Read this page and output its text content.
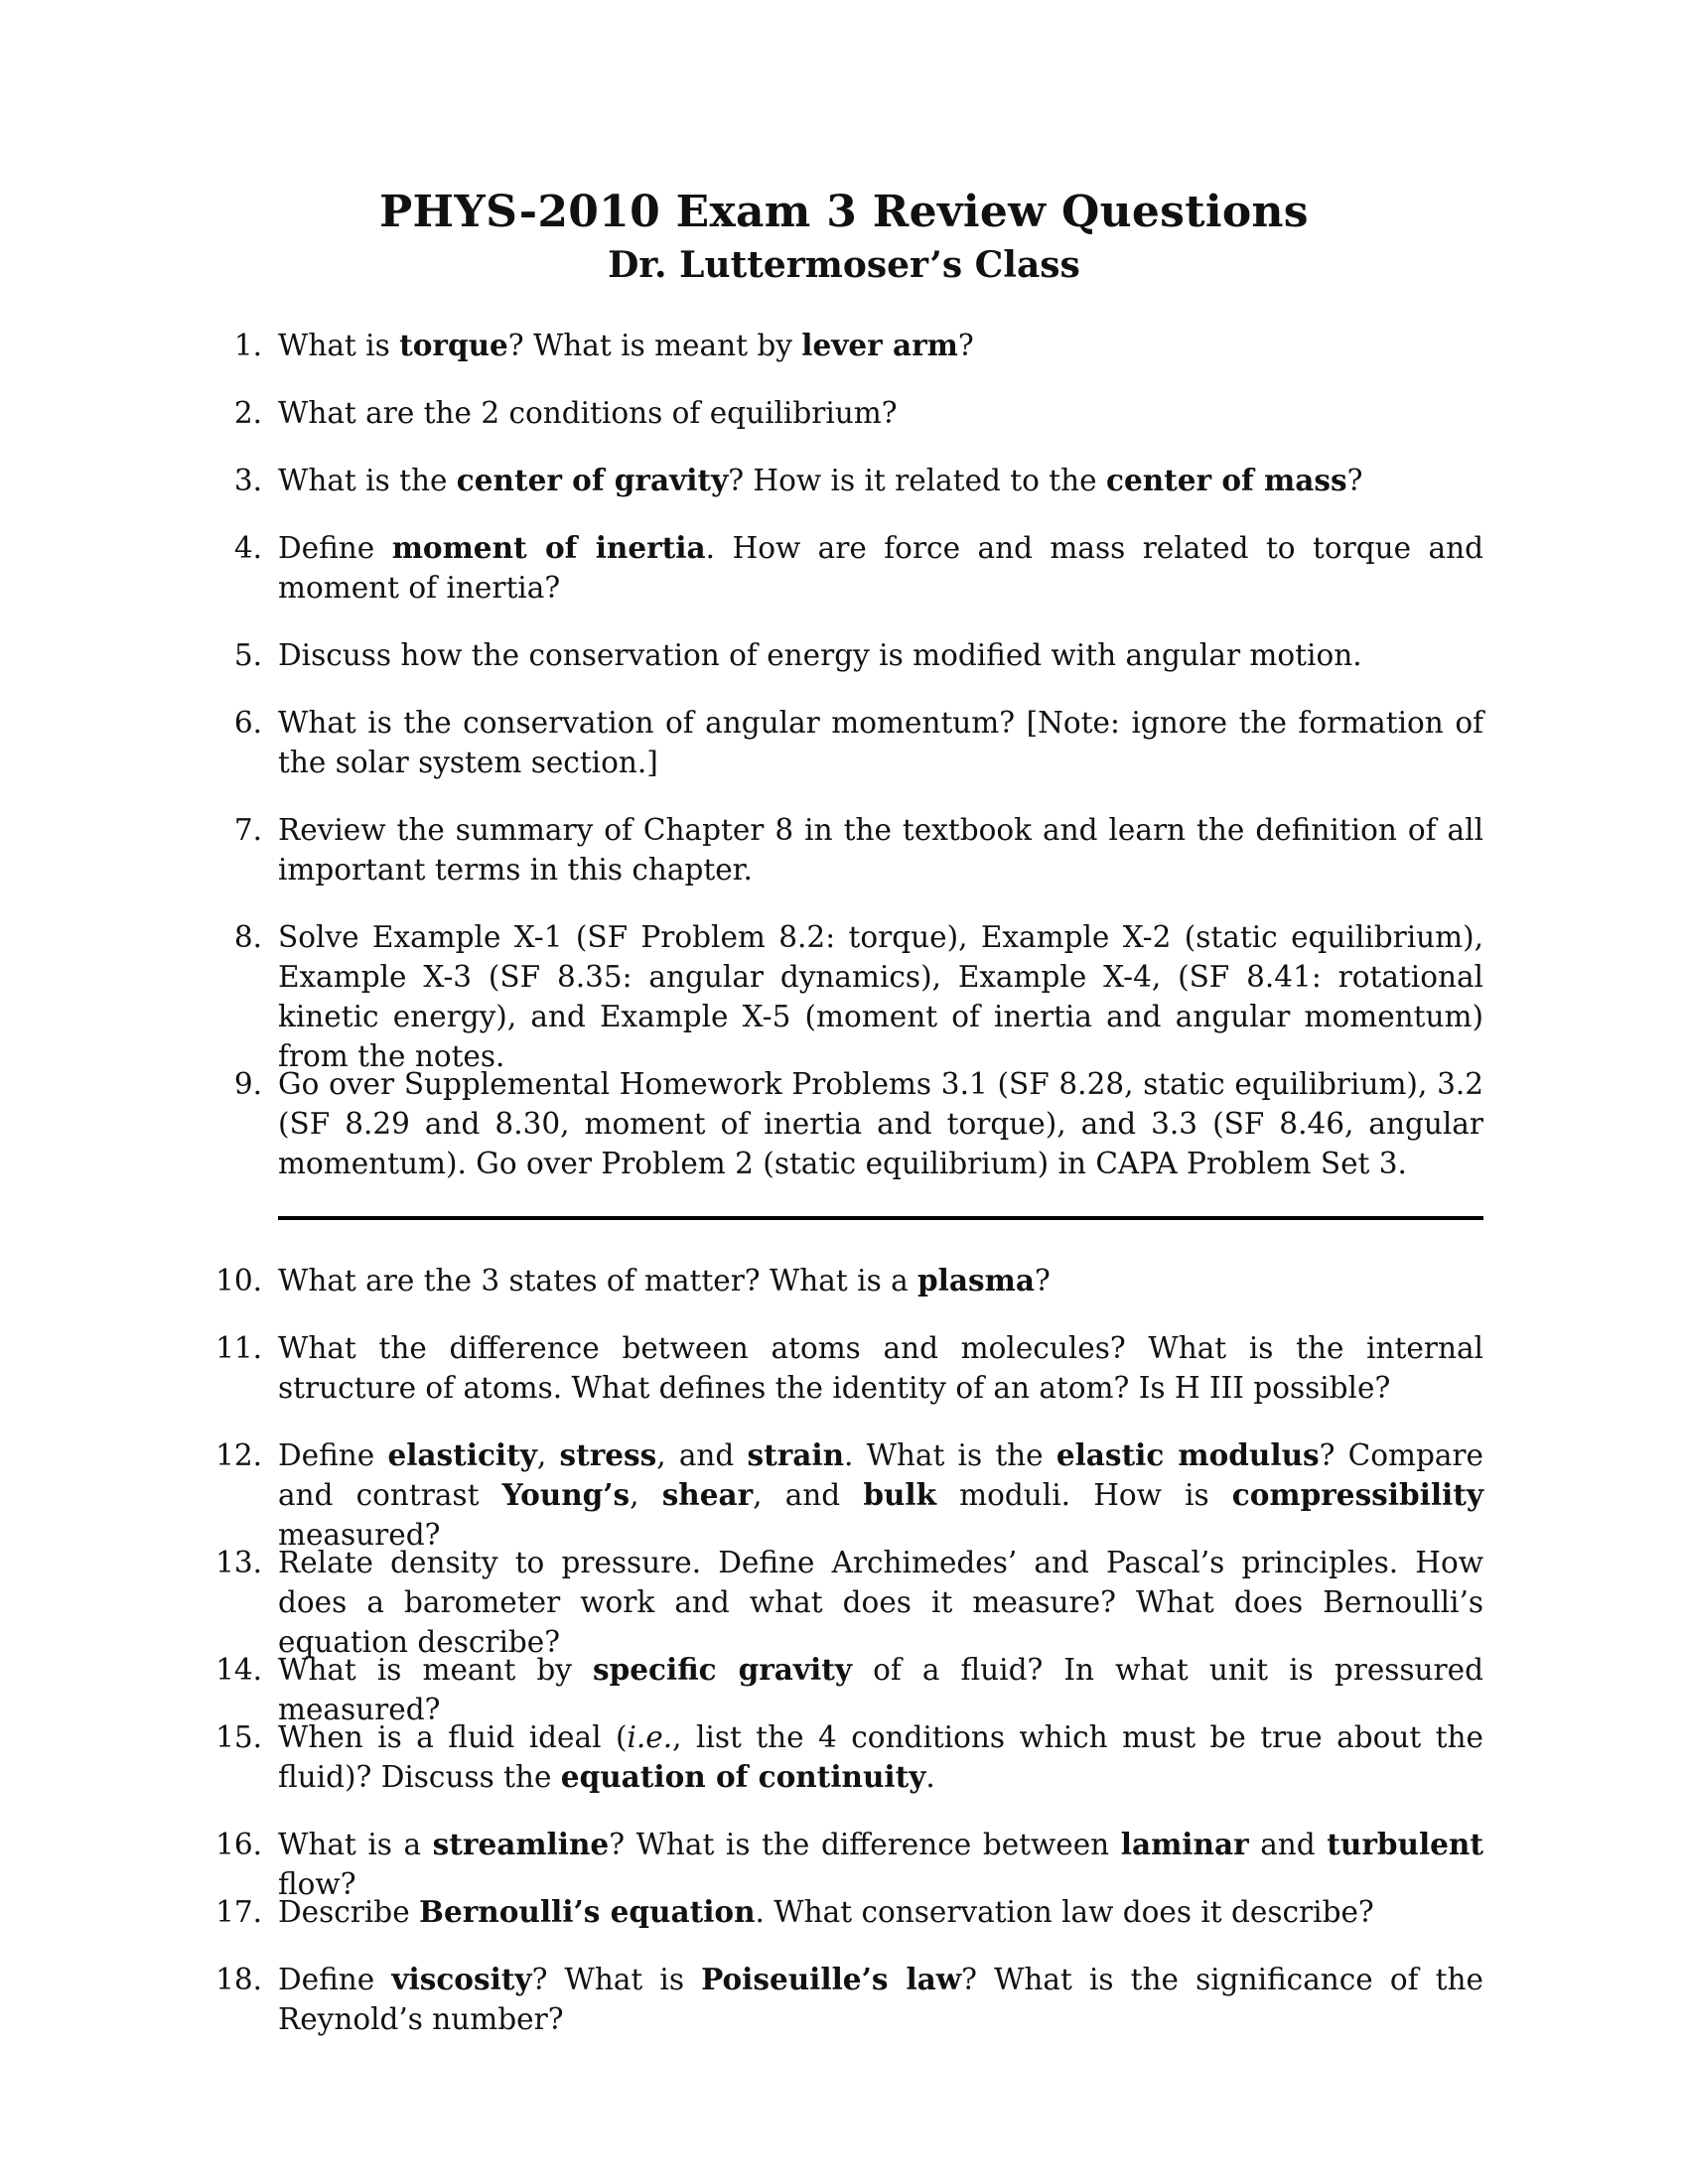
PHYS-2010 Exam 3 Review Questions
Dr. Luttermoser’s Class
1. What is torque? What is meant by lever arm?
2. What are the 2 conditions of equilibrium?
3. What is the center of gravity? How is it related to the center of mass?
4. Define moment of inertia. How are force and mass related to torque and moment of inertia?
5. Discuss how the conservation of energy is modified with angular motion.
6. What is the conservation of angular momentum? [Note: ignore the formation of the solar system section.]
7. Review the summary of Chapter 8 in the textbook and learn the definition of all important terms in this chapter.
8. Solve Example X-1 (SF Problem 8.2: torque), Example X-2 (static equilibrium), Example X-3 (SF 8.35: angular dynamics), Example X-4, (SF 8.41: rotational kinetic energy), and Example X-5 (moment of inertia and angular momentum) from the notes.
9. Go over Supplemental Homework Problems 3.1 (SF 8.28, static equilibrium), 3.2 (SF 8.29 and 8.30, moment of inertia and torque), and 3.3 (SF 8.46, angular momentum). Go over Problem 2 (static equilibrium) in CAPA Problem Set 3.
10. What are the 3 states of matter? What is a plasma?
11. What the difference between atoms and molecules? What is the internal structure of atoms. What defines the identity of an atom? Is H III possible?
12. Define elasticity, stress, and strain. What is the elastic modulus? Compare and contrast Young’s, shear, and bulk moduli. How is compressibility measured?
13. Relate density to pressure. Define Archimedes’ and Pascal’s principles. How does a barometer work and what does it measure? What does Bernoulli’s equation describe?
14. What is meant by specific gravity of a fluid? In what unit is pressured measured?
15. When is a fluid ideal (i.e., list the 4 conditions which must be true about the fluid)? Discuss the equation of continuity.
16. What is a streamline? What is the difference between laminar and turbulent flow?
17. Describe Bernoulli’s equation. What conservation law does it describe?
18. Define viscosity? What is Poiseuille’s law? What is the significance of the Reynold’s number?
